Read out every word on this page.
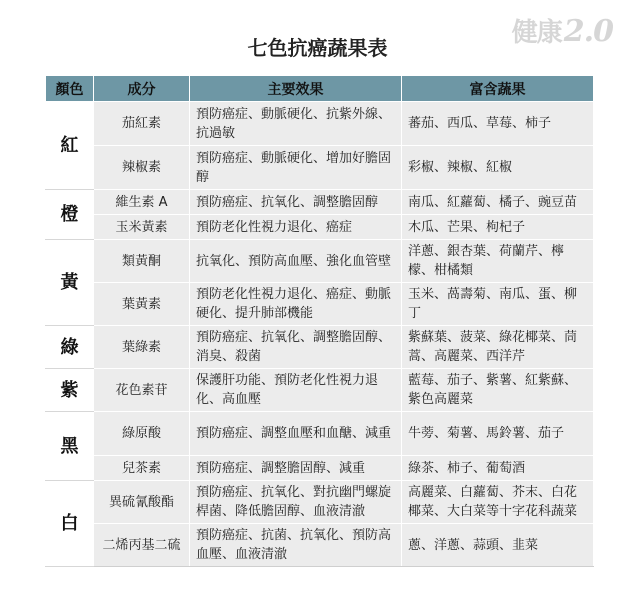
健康2.0
七色抗癌蔬果表
顏色	成分	主要效果	富含蔬果
紅	茄紅素	預防癌症、動脈硬化、抗紫外線、抗過敏	蕃茄、西瓜、草莓、柿子
	辣椒素	預防癌症、動脈硬化、增加好膽固醇	彩椒、辣椒、紅椒
橙	維生素 A	預防癌症、抗氧化、調整膽固醇	南瓜、紅蘿蔔、橘子、豌豆苗
	玉米黃素	預防老化性視力退化、癌症	木瓜、芒果、枸杞子
黃	類黃酮	抗氧化、預防高血壓、強化血管壁	洋蔥、銀杏葉、荷蘭芹、檸檬、柑橘類
	葉黃素	預防老化性視力退化、癌症、動脈硬化、提升肺部機能	玉米、萵壽菊、南瓜、蛋、柳丁
綠	葉綠素	預防癌症、抗氧化、調整膽固醇、消臭、殺菌	紫蘇葉、菠菜、綠花椰菜、茼蒿、高麗菜、西洋芹
紫	花色素苷	保護肝功能、預防老化性視力退化、高血壓	藍莓、茄子、紫薯、紅紫蘇、紫色高麗菜
黑	綠原酸	預防癌症、調整血壓和血醣、減重	牛蒡、菊薯、馬鈴薯、茄子
	兒茶素	預防癌症、調整膽固醇、減重	綠茶、柿子、葡萄酒
白	異硫氰酸酯	預防癌症、抗氧化、對抗幽門螺旋桿菌、降低膽固醇、血液清澈	高麗菜、白蘿蔔、芥末、白花椰菜、大白菜等十字花科蔬菜
	二烯丙基二硫	預防癌症、抗菌、抗氧化、預防高血壓、血液清澈	蔥、洋蔥、蒜頭、韭菜
